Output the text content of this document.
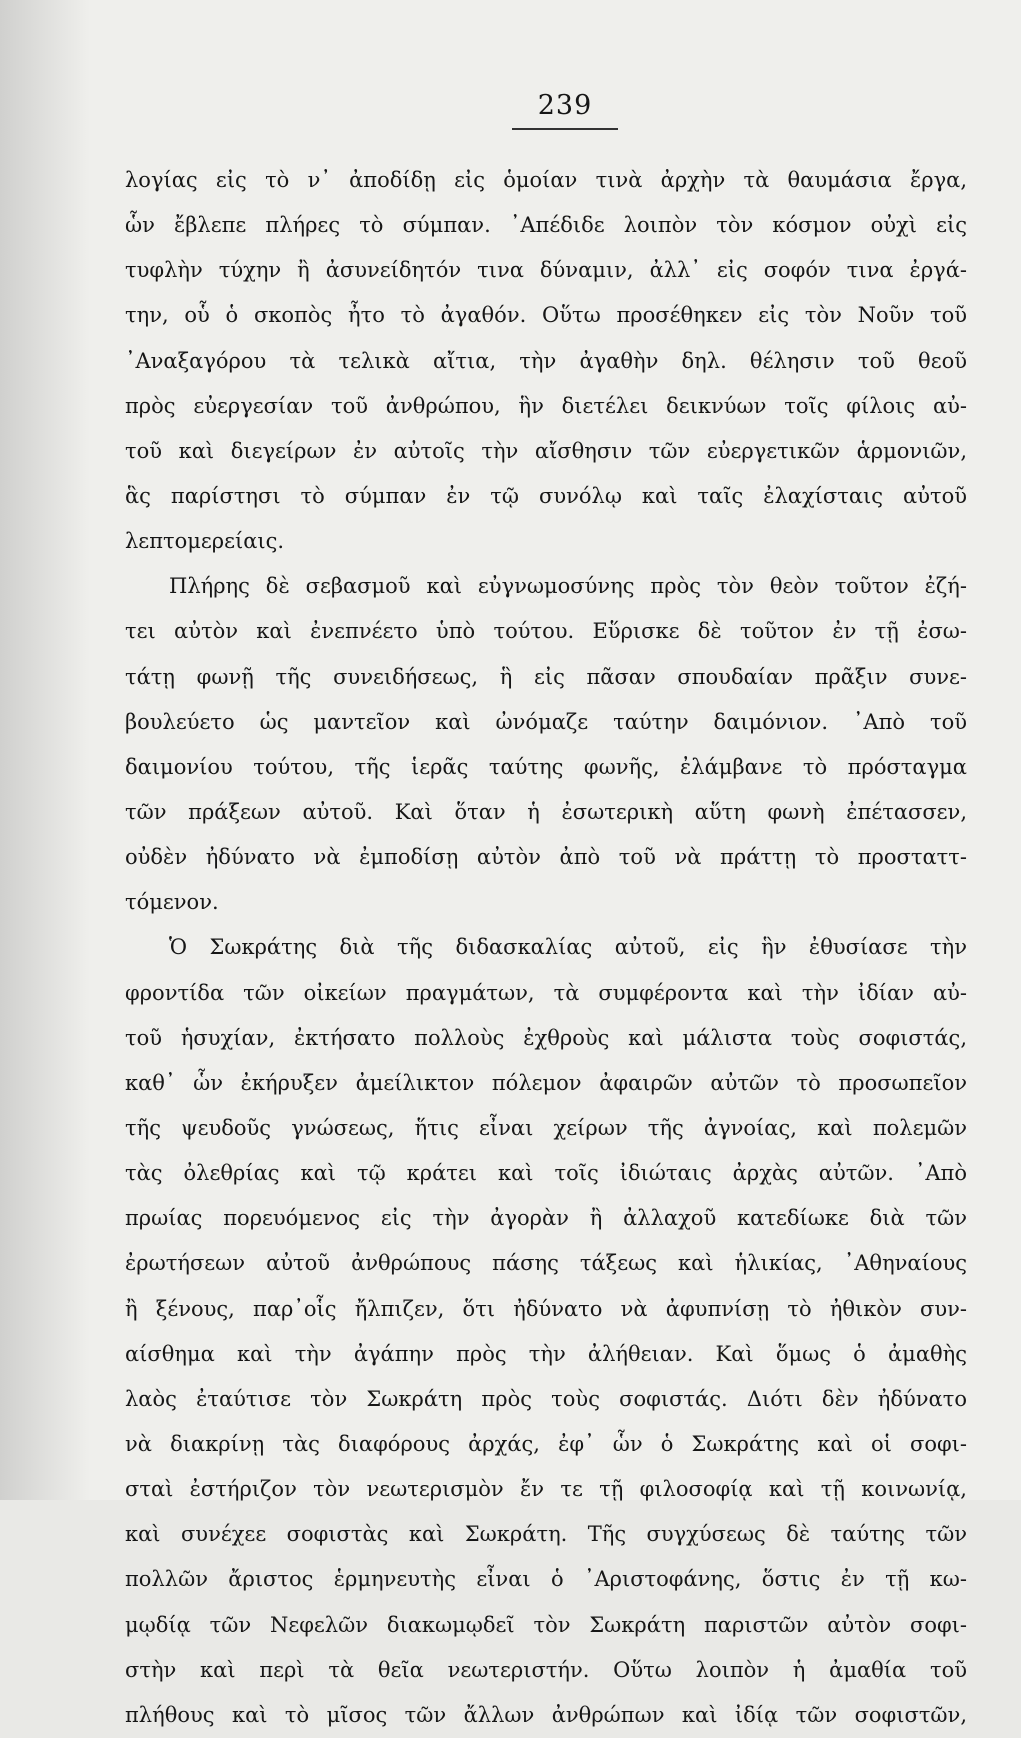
239
λογίας εἰς τὸ ν᾿ ἀποδίδῃ εἰς ὁμοίαν τινὰ ἀρχὴν τὰ θαυμάσια ἔργα,
ὧν ἔβλεπε πλήρες τὸ σύμπαν. ᾿Απέδιδε λοιπὸν τὸν κόσμον οὐχὶ εἰς
τυφλὴν τύχην ἢ ἀσυνείδητόν τινα δύναμιν, ἀλλ᾿ εἰς σοφόν τινα ἐργά-
την, οὗ ὁ σκοπὸς ἦτο τὸ ἀγαθόν. Οὕτω προσέθηκεν εἰς τὸν Νοῦν τοῦ
᾿Αναξαγόρου τὰ τελικὰ αἴτια, τὴν ἀγαθὴν δηλ. θέλησιν τοῦ θεοῦ
πρὸς εὐεργεσίαν τοῦ ἀνθρώπου, ἣν διετέλει δεικνύων τοῖς φίλοις αὐ-
τοῦ καὶ διεγείρων ἐν αὐτοῖς τὴν αἴσθησιν τῶν εὐεργετικῶν ἁρμονιῶν,
ἃς παρίστησι τὸ σύμπαν ἐν τῷ συνόλῳ καὶ ταῖς ἐλαχίσταις αὐτοῦ
λεπτομερείαις.
Πλήρης δὲ σεβασμοῦ καὶ εὐγνωμοσύνης πρὸς τὸν θεὸν τοῦτον ἐζή-
τει αὐτὸν καὶ ἐνεπνέετο ὑπὸ τούτου. Εὕρισκε δὲ τοῦτον ἐν τῇ ἐσω-
τάτῃ φωνῇ τῆς συνειδήσεως, ἣ εἰς πᾶσαν σπουδαίαν πρᾶξιν συνε-
βουλεύετο ὡς μαντεῖον καὶ ὠνόμαζε ταύτην δαιμόνιον. ᾿Απὸ τοῦ
δαιμονίου τούτου, τῆς ἱερᾶς ταύτης φωνῆς, ἐλάμβανε τὸ πρόσταγμα
τῶν πράξεων αὐτοῦ. Καὶ ὅταν ἡ ἐσωτερικὴ αὕτη φωνὴ ἐπέτασσεν,
οὐδὲν ἠδύνατο νὰ ἐμποδίσῃ αὐτὸν ἀπὸ τοῦ νὰ πράττῃ τὸ προσταττ-
τόμενον.
Ὁ Σωκράτης διὰ τῆς διδασκαλίας αὐτοῦ, εἰς ἣν ἐθυσίασε τὴν
φροντίδα τῶν οἰκείων πραγμάτων, τὰ συμφέροντα καὶ τὴν ἰδίαν αὐ-
τοῦ ἡσυχίαν, ἐκτήσατο πολλοὺς ἐχθροὺς καὶ μάλιστα τοὺς σοφιστάς,
καθ᾿ ὧν ἐκήρυξεν ἀμείλικτον πόλεμον ἀφαιρῶν αὐτῶν τὸ προσωπεῖον
τῆς ψευδοῦς γνώσεως, ἥτις εἶναι χείρων τῆς ἀγνοίας, καὶ πολεμῶν
τὰς ὀλεθρίας καὶ τῷ κράτει καὶ τοῖς ἰδιώταις ἀρχὰς αὐτῶν. ᾿Απὸ
πρωίας πορευόμενος εἰς τὴν ἀγορὰν ἢ ἀλλαχοῦ κατεδίωκε διὰ τῶν
ἐρωτήσεων αὐτοῦ ἀνθρώπους πάσης τάξεως καὶ ἡλικίας, ᾿Αθηναίους
ἢ ξένους, παρ᾿οἷς ἤλπιζεν, ὅτι ἠδύνατο νὰ ἀφυπνίσῃ τὸ ἠθικὸν συν-
αίσθημα καὶ τὴν ἀγάπην πρὸς τὴν ἀλήθειαν. Καὶ ὅμως ὁ ἀμαθὴς
λαὸς ἐταύτισε τὸν Σωκράτη πρὸς τοὺς σοφιστάς. Διότι δὲν ἠδύνατο
νὰ διακρίνῃ τὰς διαφόρους ἀρχάς, ἐφ᾿ ὧν ὁ Σωκράτης καὶ οἱ σοφι-
σταὶ ἐστήριζον τὸν νεωτερισμὸν ἔν τε τῇ φιλοσοφίᾳ καὶ τῇ κοινωνίᾳ,
καὶ συνέχεε σοφιστὰς καὶ Σωκράτη. Τῆς συγχύσεως δὲ ταύτης τῶν
πολλῶν ἄριστος ἑρμηνευτὴς εἶναι ὁ ᾿Αριστοφάνης, ὅστις ἐν τῇ κω-
μῳδίᾳ τῶν Νεφελῶν διακωμῳδεῖ τὸν Σωκράτη παριστῶν αὐτὸν σοφι-
στὴν καὶ περὶ τὰ θεῖα νεωτεριστήν. Οὕτω λοιπὸν ἡ ἀμαθία τοῦ
πλήθους καὶ τὸ μῖσος τῶν ἄλλων ἀνθρώπων καὶ ἰδίᾳ τῶν σοφιστῶν,
